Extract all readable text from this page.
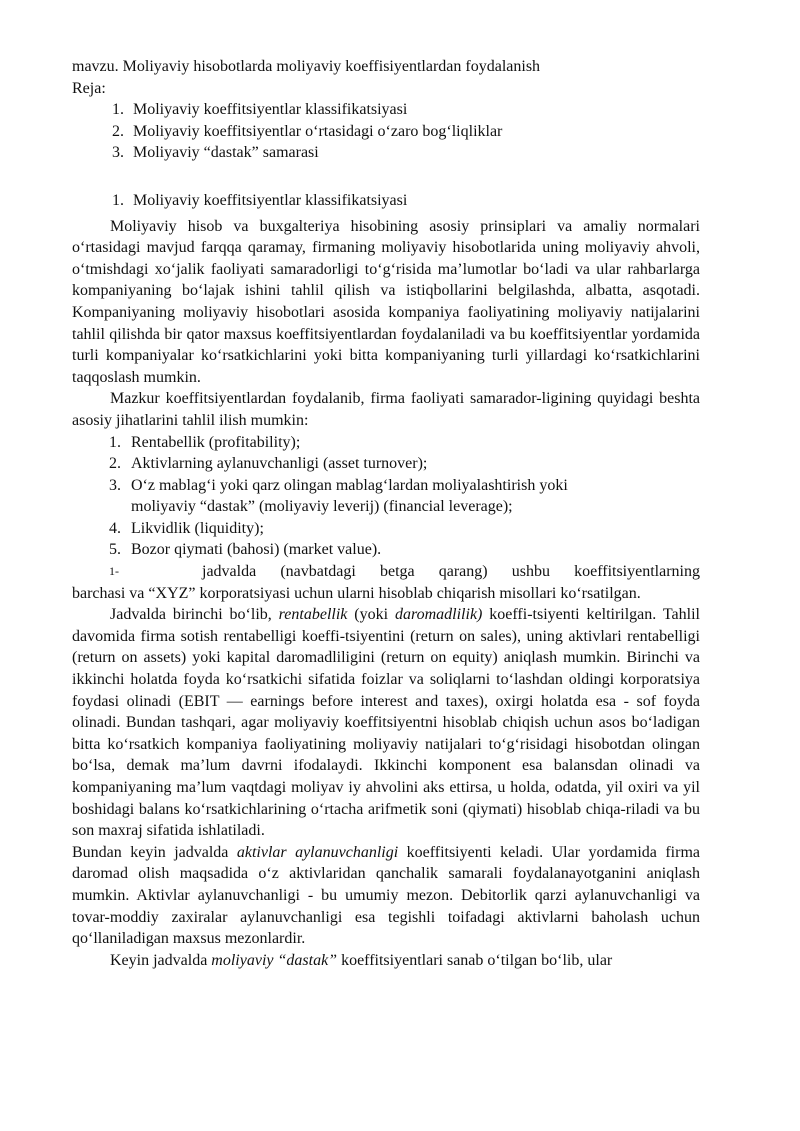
mavzu. Moliyaviy hisobotlarda moliyaviy koeffisiyentlardan foydalanish
Reja:
1. Moliyaviy koeffitsiyentlar klassifikatsiyasi
2. Moliyaviy koeffitsiyentlar o‘rtasidagi o‘zaro bog‘liqliklar
3. Moliyaviy “dastak” samarasi
1. Moliyaviy koeffitsiyentlar klassifikatsiyasi

Moliyaviy hisob va buxgalteriya hisobining asosiy prinsiplari va amaliy normalari o‘rtasidagi mavjud farqqa qaramay, firmaning moliyaviy hisobotlarida uning moliyaviy ahvoli, o‘tmishdagi xo‘jalik faoliyati samaradorligi to‘g‘risida ma’lumotlar bo‘ladi va ular rahbarlarga kompaniyaning bo‘lajak ishini tahlil qilish va istiqbollarini belgilashda, albatta, asqotadi. Kompaniyaning moliyaviy hisobotlari asosida kompaniya faoliyatining moliyaviy natijalarini tahlil qilishda bir qator maxsus koeffitsiyentlardan foydalaniladi va bu koeffitsiyentlar yordamida turli kompaniyalar ko‘rsatkichlarini yoki bitta kompaniyaning turli yillardagi ko‘rsatkichlarini taqqoslash mumkin.

Mazkur koeffitsiyentlardan foydalanib, firma faoliyati samarador-ligining quyidagi beshta asosiy jihatlarini tahlil ilish mumkin:

1. Rentabellik (profitability);
2. Aktivlarning aylanuvchanligi (asset turnover);
3. O‘z mablag‘i yoki qarz olingan mablag‘lardan moliyalashtirish yoki
moliyaviy “dastak” (moliyaviy leverij) (financial leverage);
4. Likvidlik (liquidity);
5. Bozor qiymati (bahosi) (market value).
1-	jadvalda (navbatdagi betga qarang) ushbu koeffitsiyentlarning

barchasi va “XYZ” korporatsiyasi uchun ularni hisoblab chiqarish misollari ko‘rsatilgan.

Jadvalda birinchi bo‘lib, rentabellik (yoki daromadlilik) koeffi-tsiyenti keltirilgan. Tahlil davomida firma sotish rentabelligi koeffi-tsiyentini (return on sales), uning aktivlari rentabelligi (return on assets) yoki kapital daromadliligini (return on equity) aniqlash mumkin. Birinchi va ikkinchi holatda foyda ko‘rsatkichi sifatida foizlar va soliqlarni to‘lashdan oldingi korporatsiya foydasi olinadi (EBIT — earnings before interest and taxes), oxirgi holatda esa - sof foyda olinadi. Bundan tashqari, agar moliyaviy koeffitsiyentni hisoblab chiqish uchun asos bo‘ladigan bitta ko‘rsatkich kompaniya faoliyatining moliyaviy natijalari to‘g‘risidagi hisobotdan olingan bo‘lsa, demak ma’lum davrni ifodalaydi. Ikkinchi komponent esa balansdan olinadi va kompaniyaning ma’lum vaqtdagi moliyav iy ahvolini aks ettirsa, u holda, odatda, yil oxiri va yil boshidagi balans ko‘rsatkichlarining o‘rtacha arifmetik soni (qiymati) hisoblab chiqa-riladi va bu son maxraj sifatida ishlatiladi.

Bundan keyin jadvalda aktivlar aylanuvchanligi koeffitsiyenti keladi. Ular yordamida firma daromad olish maqsadida o‘z aktivlaridan qanchalik samarali foydalanayotganini aniqlash mumkin. Aktivlar aylanuvchanligi - bu umumiy mezon. Debitorlik qarzi aylanuvchanligi va tovar-moddiy zaxiralar aylanuvchanligi esa tegishli toifadagi aktivlarni baholash uchun qo‘llaniladigan maxsus mezonlardir.

Keyin jadvalda moliyaviy “dastak” koeffitsiyentlari sanab o‘tilgan bo‘lib, ular
